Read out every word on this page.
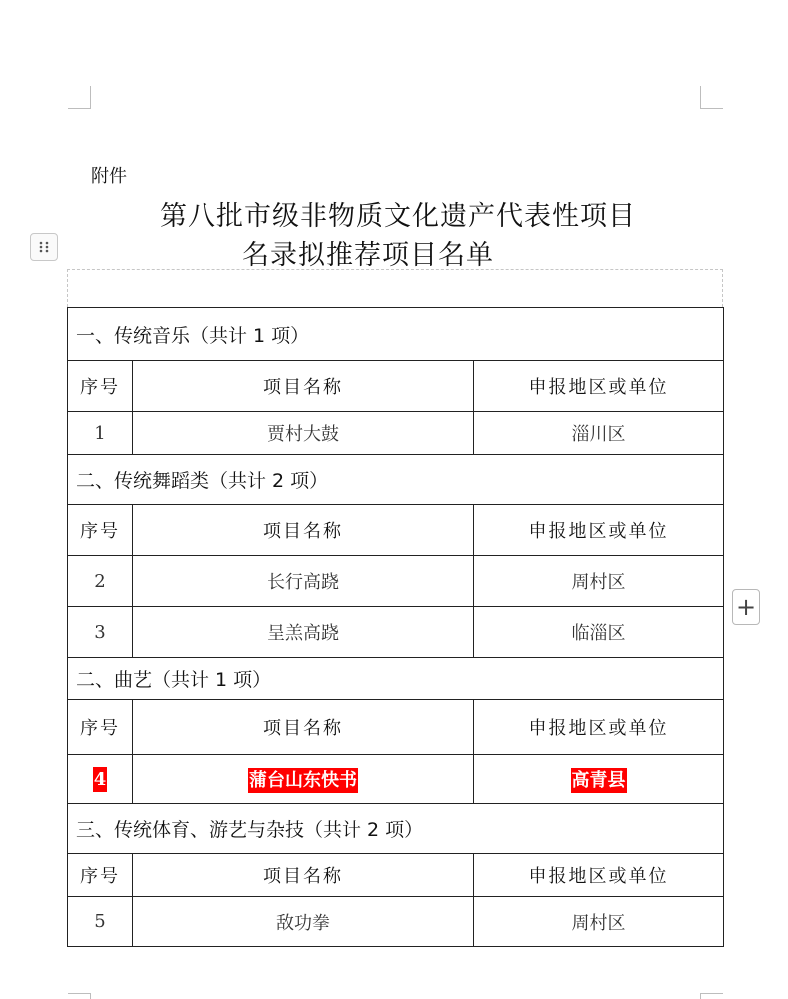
附件
第八批市级非物质文化遗产代表性项目
名录拟推荐项目名单
+
一、传统音乐（共计 1 项）		
序号	项目名称	申报地区或单位
1	贾村大鼓	淄川区
二、传统舞蹈类（共计 2 项）		
序号	项目名称	申报地区或单位
2	长行高跷	周村区
3	呈羔高跷	临淄区
二、曲艺（共计 1 项）		
序号	项目名称	申报地区或单位
4	蒲台山东快书	高青县
三、传统体育、游艺与杂技（共计 2 项）		
序号	项目名称	申报地区或单位
5	敌功拳	周村区
